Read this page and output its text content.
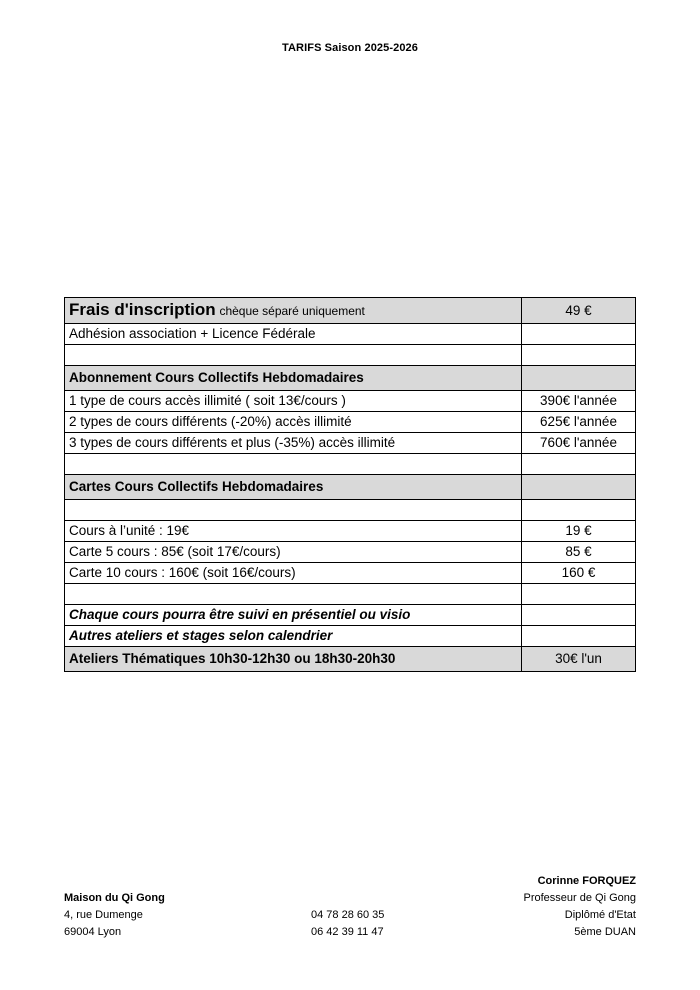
TARIFS Saison 2025-2026
Frais d'inscription chèque séparé uniquement	49 €
Adhésion association + Licence Fédérale	

Abonnement Cours Collectifs Hebdomadaires	
1 type de cours accès illimité ( soit 13€/cours )	390€ l'année
2 types de cours différents (-20%) accès illimité	625€ l'année
3 types de cours différents et plus (-35%) accès illimité	760€ l'année

Cartes Cours Collectifs Hebdomadaires	

Cours à l’unité : 19€	19 €
Carte 5 cours : 85€ (soit 17€/cours)	85 €
Carte 10 cours : 160€ (soit 16€/cours)	160 €

Chaque cours pourra être suivi en présentiel ou visio	
Autres ateliers et stages selon calendrier	
Ateliers Thématiques 10h30-12h30 ou 18h30-20h30	30€ l'un
Maison du Qi Gong
4, rue Dumenge
69004 Lyon
04 78 28 60 35
06 42 39 11 47
Corinne FORQUEZ
Professeur de Qi Gong
Diplômé d'Etat
5ème DUAN
